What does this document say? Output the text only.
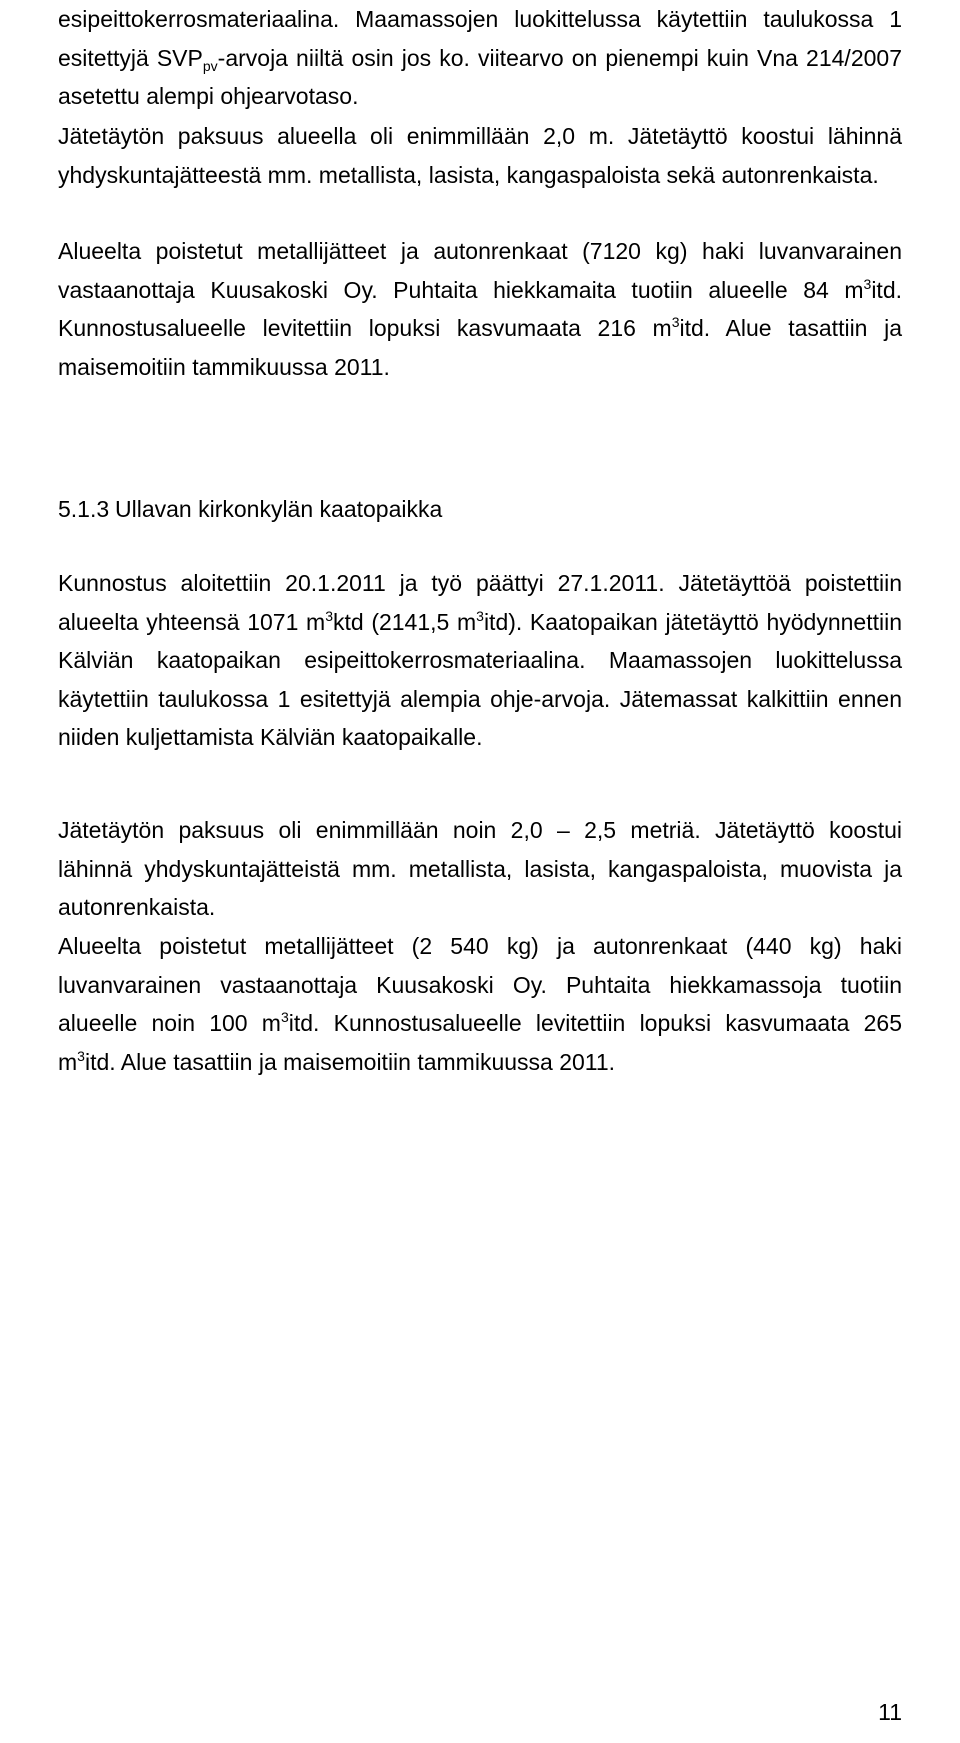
esipeittokerrosmateriaalina. Maamassojen luokittelussa käytettiin taulukossa 1 esitettyjä $SVP_{pv}$-arvoja niiltä osin jos ko. viitearvo on pienempi kuin Vna 214/2007 asetettu alempi ohjearvotaso.

Jätetäytön paksuus alueella oli enimmillään 2,0 m. Jätetäyttö koostui lähinnä yhdyskuntajätteestä mm. metallista, lasista, kangaspaloista sekä autonrenkaista.

Alueelta poistetut metallijätteet ja autonrenkaat (7120 kg) haki luvanvarainen vastaanottaja Kuusakoski Oy. Puhtaita hiekkamaita tuotiin alueelle 84 $m^3itd$. Kunnostusalueelle levitettiin lopuksi kasvumaata 216 $m^3itd$. Alue tasattiin ja maisemoitiin tammikuussa 2011.

5.1.3 Ullavan kirkonkylän kaatopaikka

Kunnostus aloitettiin 20.1.2011 ja työ päättyi 27.1.2011. Jätetäyttöä poistettiin alueelta yhteensä 1071 $m^3ktd$ (2141,5 $m^3itd$). Kaatopaikan jätetäyttö hyödynnettiin Kälviän kaatopaikan esipeittokerrosmateriaalina. Maamassojen luokittelussa käytettiin taulukossa 1 esitettyjä alempia ohje-arvoja. Jätemassat kalkittiin ennen niiden kuljettamista Kälviän kaatopaikalle.

Jätetäytön paksuus oli enimmillään noin 2,0 – 2,5 metriä. Jätetäyttö koostui lähinnä yhdyskuntajätteistä mm. metallista, lasista, kangaspaloista, muovista ja autonrenkaista.

Alueelta poistetut metallijätteet (2 540 kg) ja autonrenkaat (440 kg) haki luvanvarainen vastaanottaja Kuusakoski Oy. Puhtaita hiekkamassoja tuotiin alueelle noin 100 $m^3itd$. Kunnostusalueelle levitettiin lopuksi kasvumaata 265 $m^3itd$. Alue tasattiin ja maisemoitiin tammikuussa 2011.

11
